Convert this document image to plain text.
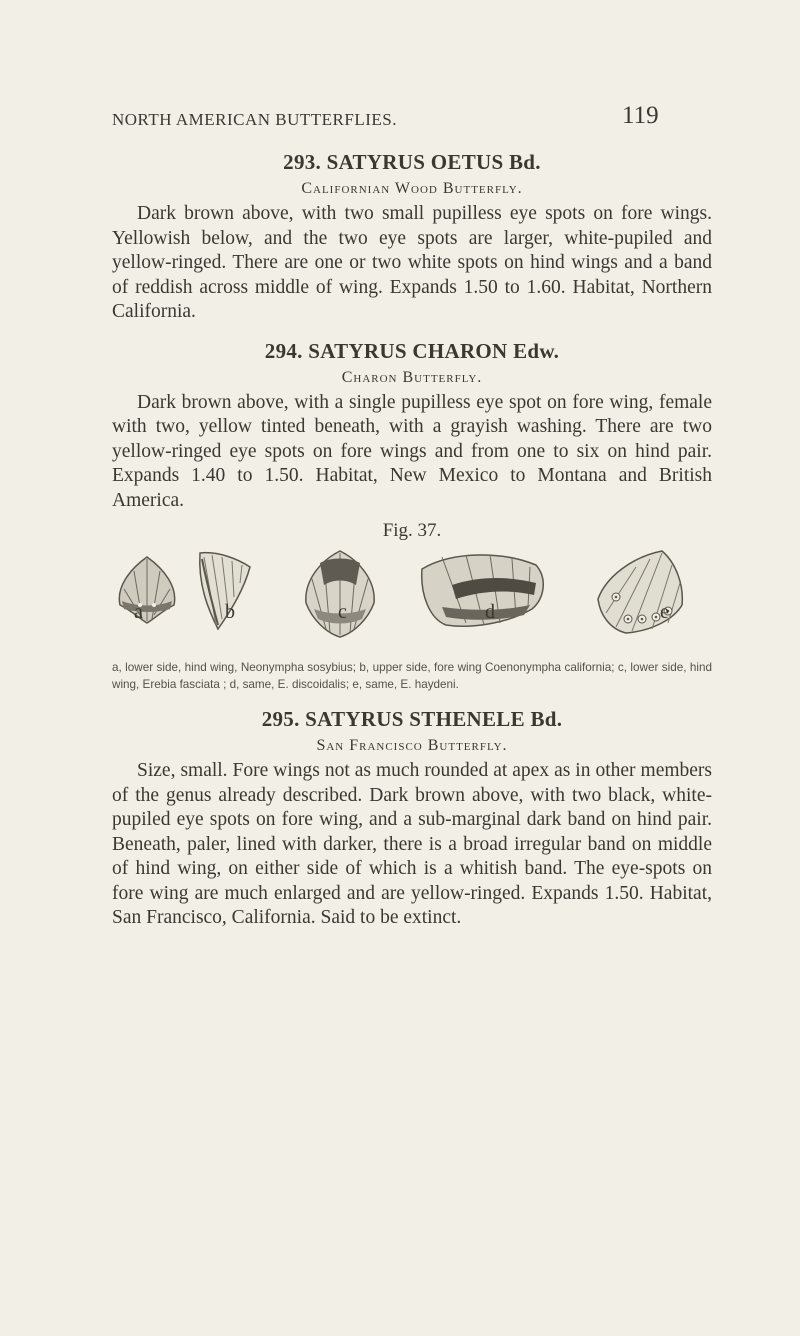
NORTH AMERICAN BUTTERFLIES.	119
293. SATYRUS OETUS Bd.
Californian Wood Butterfly.

Dark brown above, with two small pupilless eye spots on fore wings. Yellowish below, and the two eye spots are larger, white-pupiled and yellow-ringed. There are one or two white spots on hind wings and a band of reddish across middle of wing. Expands 1.50 to 1.60. Habitat, Northern California.

294. SATYRUS CHARON Edw.
Charon Butterfly.

Dark brown above, with a single pupilless eye spot on fore wing, female with two, yellow tinted beneath, with a grayish washing. There are two yellow-ringed eye spots on fore wings and from one to six on hind pair. Expands 1.40 to 1.50. Habitat, New Mexico to Montana and British America.

Fig. 37.
a	b	c	d	e

a, lower side, hind wing, Neonympha sosybius; b, upper side, fore wing Coenonympha california; c, lower side, hind wing, Erebia fasciata ; d, same, E. discoidalis; e, same, E. haydeni.

295. SATYRUS STHENELE Bd.
San Francisco Butterfly.

Size, small. Fore wings not as much rounded at apex as in other members of the genus already described. Dark brown above, with two black, white-pupiled eye spots on fore wing, and a sub-marginal dark band on hind pair. Beneath, paler, lined with darker, there is a broad irregular band on middle of hind wing, on either side of which is a whitish band. The eye-spots on fore wing are much enlarged and are yellow-ringed. Expands 1.50. Habitat, San Francisco, California. Said to be extinct.
